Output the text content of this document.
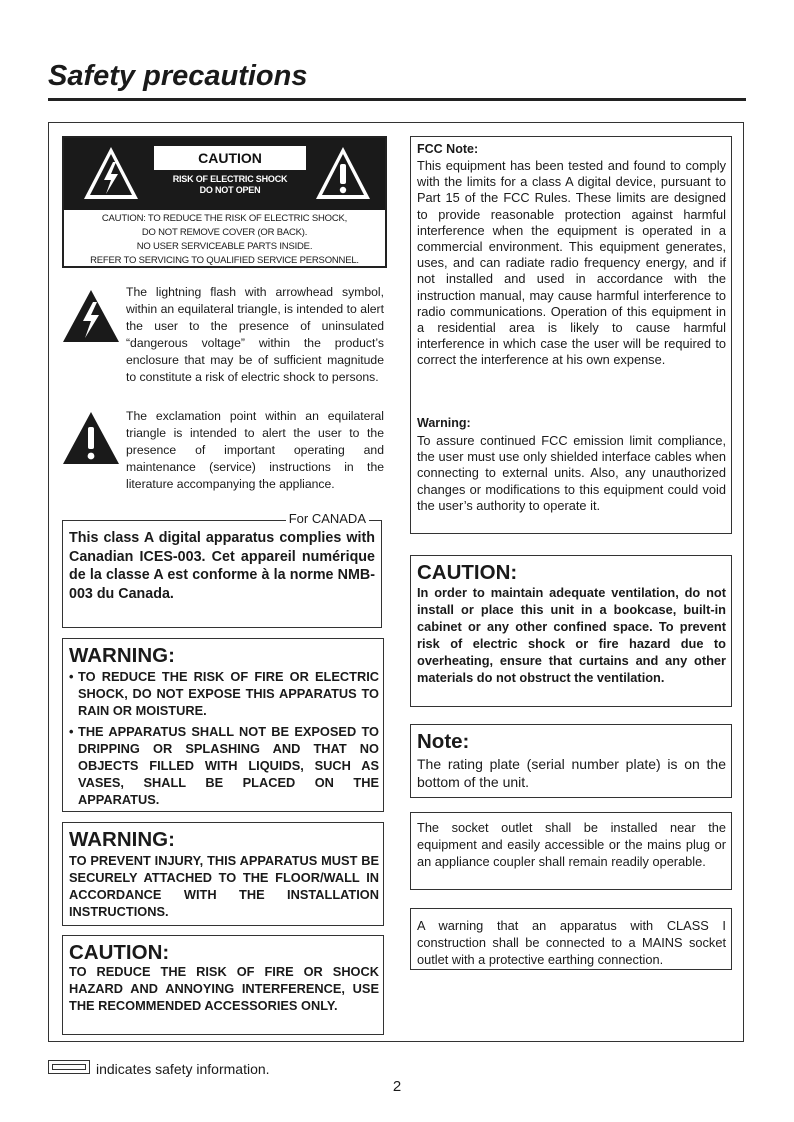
Safety precautions
CAUTION
RISK OF ELECTRIC SHOCK
DO NOT OPEN
CAUTION: TO REDUCE THE RISK OF ELECTRIC SHOCK,
DO NOT REMOVE COVER (OR BACK).
NO USER SERVICEABLE PARTS INSIDE.
REFER TO SERVICING TO QUALIFIED SERVICE PERSONNEL.

The lightning flash with arrowhead symbol, within an equilateral triangle, is intended to alert the user to the presence of uninsulated “dangerous voltage” within the product’s enclosure that may be of sufficient magnitude to constitute a risk of electric shock to persons.

The exclamation point within an equilateral triangle is intended to alert the user to the presence of important operating and maintenance (service) instructions in the literature accompanying the appliance.

For CANADA

This class A digital apparatus complies with Canadian ICES-003. Cet appareil numérique de la classe A est conforme à la norme NMB-003 du Canada.

WARNING:

• TO REDUCE THE RISK OF FIRE OR ELECTRIC SHOCK, DO NOT EXPOSE THIS APPARATUS TO RAIN OR MOISTURE.
• THE APPARATUS SHALL NOT BE EXPOSED TO DRIPPING OR SPLASHING AND THAT NO OBJECTS FILLED WITH LIQUIDS, SUCH AS VASES, SHALL BE PLACED ON THE APPARATUS.

WARNING:

TO PREVENT INJURY, THIS APPARATUS MUST BE SECURELY ATTACHED TO THE FLOOR/WALL IN ACCORDANCE WITH THE INSTALLATION INSTRUCTIONS.

CAUTION:

TO REDUCE THE RISK OF FIRE OR SHOCK HAZARD AND ANNOYING INTERFERENCE, USE THE RECOMMENDED ACCESSORIES ONLY.

FCC Note:

This equipment has been tested and found to comply with the limits for a class A digital device, pursuant to Part 15 of the FCC Rules. These limits are designed to provide reasonable protection against harmful interference when the equipment is operated in a commercial environment. This equipment generates, uses, and can radiate radio frequency energy, and if not installed and used in accordance with the instruction manual, may cause harmful interference to radio communications. Operation of this equipment in a residential area is likely to cause harmful interference in which case the user will be required to correct the interference at his own expense.

Warning:

To assure continued FCC emission limit compliance, the user must use only shielded interface cables when connecting to external units. Also, any unauthorized changes or modifications to this equipment could void the user’s authority to operate it.

CAUTION:

In order to maintain adequate ventilation, do not install or place this unit in a bookcase, built-in cabinet or any other confined space. To prevent risk of electric shock or fire hazard due to overheating, ensure that curtains and any other materials do not obstruct the ventilation.

Note:

The rating plate (serial number plate) is on the bottom of the unit.

The socket outlet shall be installed near the equipment and easily accessible or the mains plug or an appliance coupler shall remain readily operable.

A warning that an apparatus with CLASS I construction shall be connected to a MAINS socket outlet with a protective earthing connection.

indicates safety information.
2
